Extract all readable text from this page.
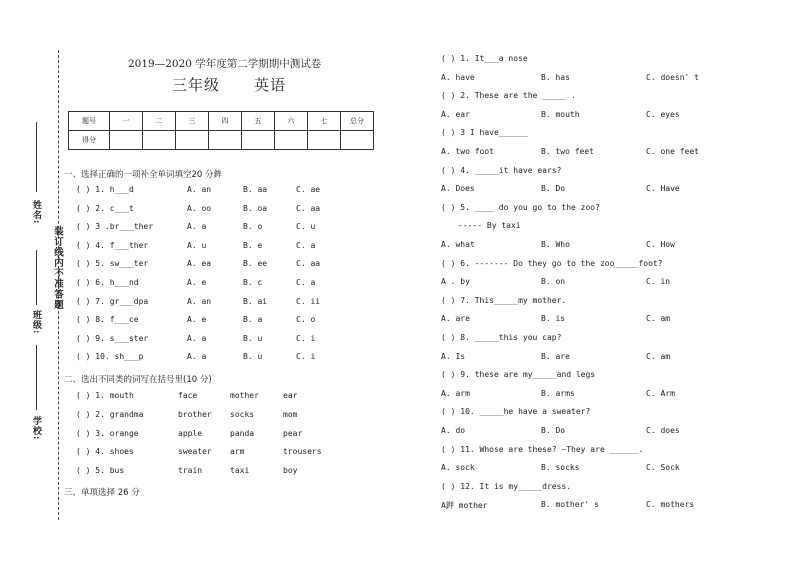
姓名:
班级:
装订线内不准答题
学校:
2019—2020 学年度第二学期期中测试卷
三年级 英语
题号	一	二	三	四	五	六	七	总分
得分								
一、选择正确的一项补全单词填空20 分鉾
( ) 1. h___d	A. an	B. aa	C. ae
( ) 2. c___t	A. oo	B. oa	C. aa
( ) 3 .br___ther	A. a	B. o	C. u
( ) 4. f___ther	A. u	B. e	C. a
( ) 5. sw___ter	A. ea	B. ee	C. aa
( ) 6. h___nd	A. e	B. c	C. a
( ) 7. gr___dpa	A. an	B. ai	C. ii
( ) 8. f___ce	A. e	B. a	C. o
( ) 9. s___ster	A. a	B. u	C. i
( ) 10. sh___p	A. a	B. u	C. i
二、选出不同类的词写在括号里(10 分)
( ) 1. mouth	face	mother	ear
( ) 2. grandma	brother socks	mom
( ) 3. orange	apple	panda	pear
( ) 4. shoes	sweater arm	trousers
( ) 5. bus	train	taxi	boy
三、单项选择 26 分
( ) 1. It___a nose
A. have	B. has	C. doesn' t
( ) 2. These are the _____ .
A. ear	B. mouth	C. eyes
( ) 3 I have______
A. two foot	B. two feet	C. one feet
( ) 4. _____it have ears?
A. Does	B. Do	C. Have
( ) 5. ____ do you go to the zoo?
----- By taxi
A. what	B. Who	C. How
( ) 6. ------- Do they go to the zoo_____foot?
A . by	B. on	C. in
( ) 7. This_____my mother.
A. are	B. is	C. am
( ) 8. _____this you cap?
A. Is	B. are	C. am
( ) 9. these are my_____and legs
A. arm	B. arms	C. Arm
( ) 10. _____he have a sweater?
A. do	B. Do	C. does
( ) 11. Whose are these? —They are ______.
A. sock	B. socks	C. Sock
( ) 12. It is my_____dress.
A鉀 mother	B. mother' s	C. mothers
